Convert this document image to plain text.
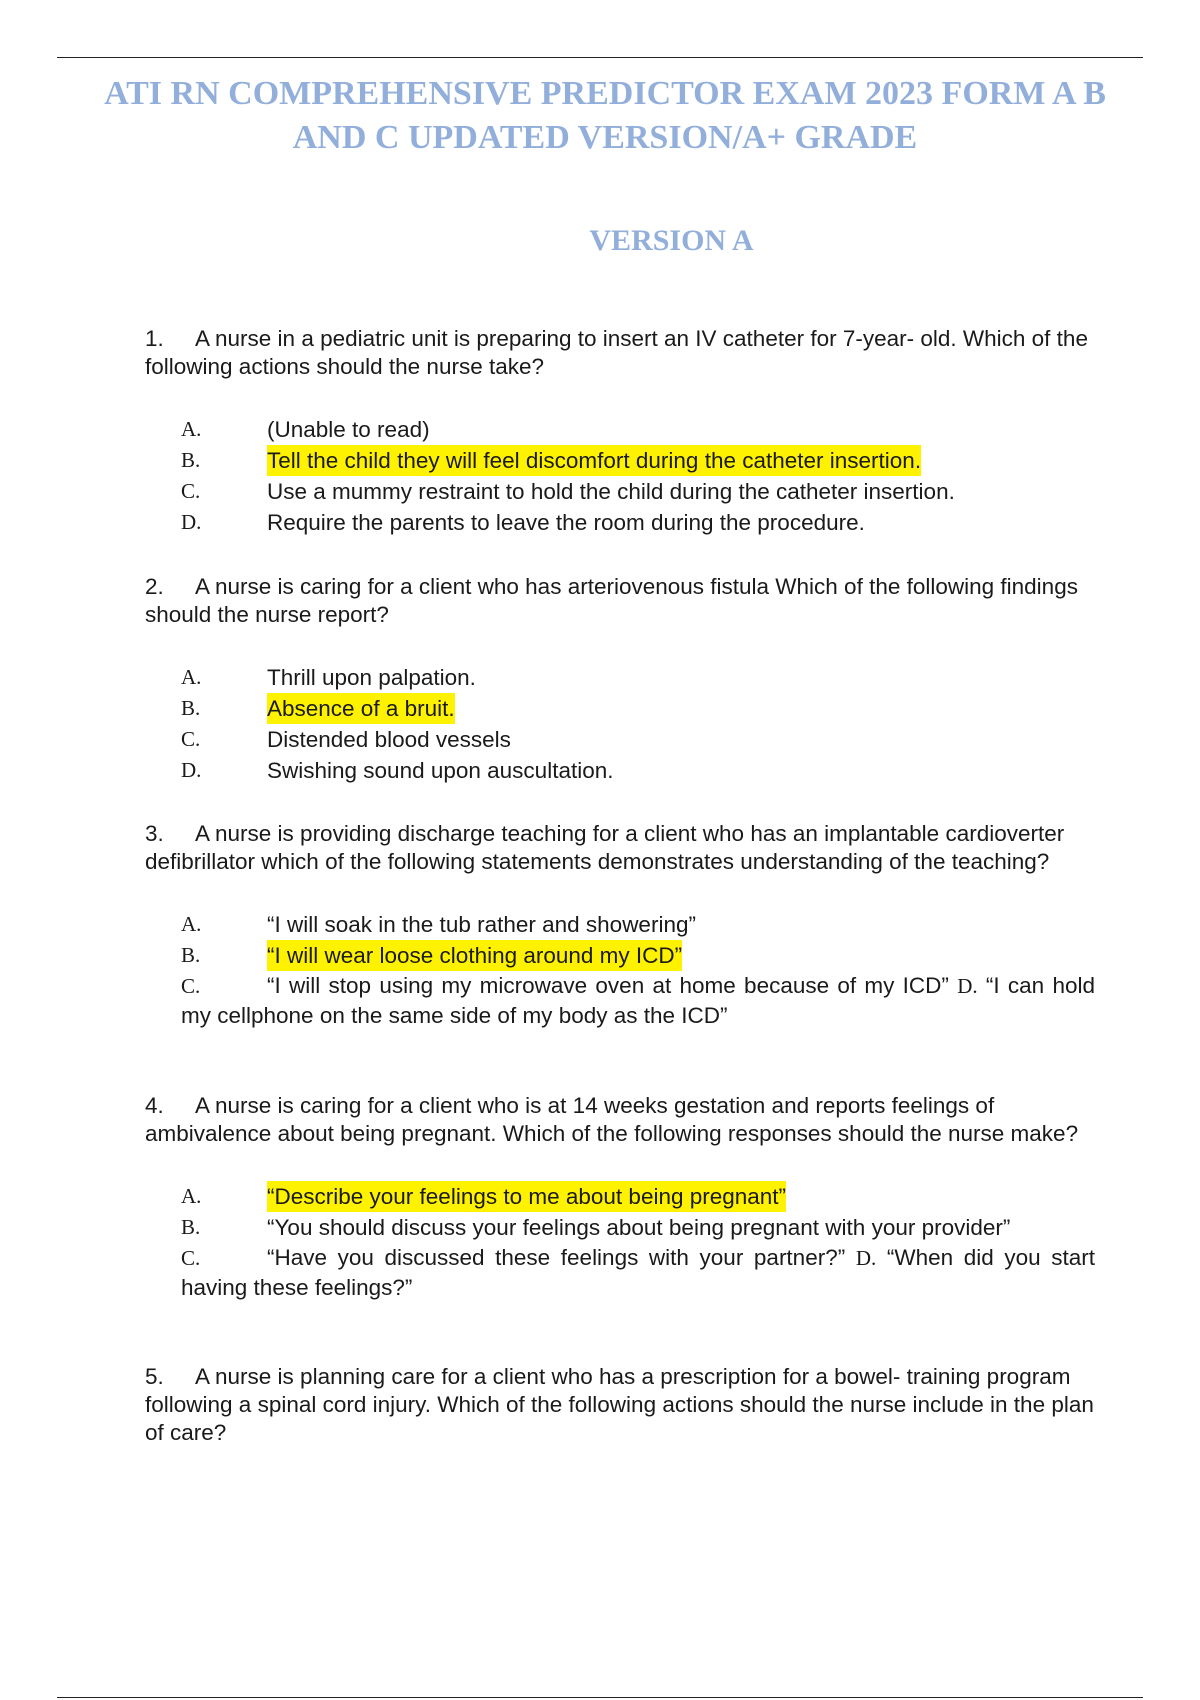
ATI RN COMPREHENSIVE PREDICTOR EXAM 2023 FORM A B
AND C UPDATED VERSION/A+ GRADE
VERSION A

1. A nurse in a pediatric unit is preparing to insert an IV catheter for 7-year- old. Which of the following actions should the nurse take?

A.	(Unable to read)
B.	Tell the child they will feel discomfort during the catheter insertion.
C.	Use a mummy restraint to hold the child during the catheter insertion.
D.	Require the parents to leave the room during the procedure.

2. A nurse is caring for a client who has arteriovenous fistula Which of the following findings should the nurse report?

A.	Thrill upon palpation.
B.	Absence of a bruit.
C.	Distended blood vessels
D.	Swishing sound upon auscultation.

3. A nurse is providing discharge teaching for a client who has an implantable cardioverter defibrillator which of the following statements demonstrates understanding of the teaching?

A.	“I will soak in the tub rather and showering”
B.	“I will wear loose clothing around my ICD”
C.	“I will stop using my microwave oven at home because of my ICD” D. “I can hold my cellphone on the same side of my body as the ICD”

4. A nurse is caring for a client who is at 14 weeks gestation and reports feelings of ambivalence about being pregnant. Which of the following responses should the nurse make?

A.	“Describe your feelings to me about being pregnant”
B.	“You should discuss your feelings about being pregnant with your provider”
C.	“Have you discussed these feelings with your partner?” D. “When did you start having these feelings?”

5. A nurse is planning care for a client who has a prescription for a bowel- training program following a spinal cord injury. Which of the following actions should the nurse include in the plan of care?
